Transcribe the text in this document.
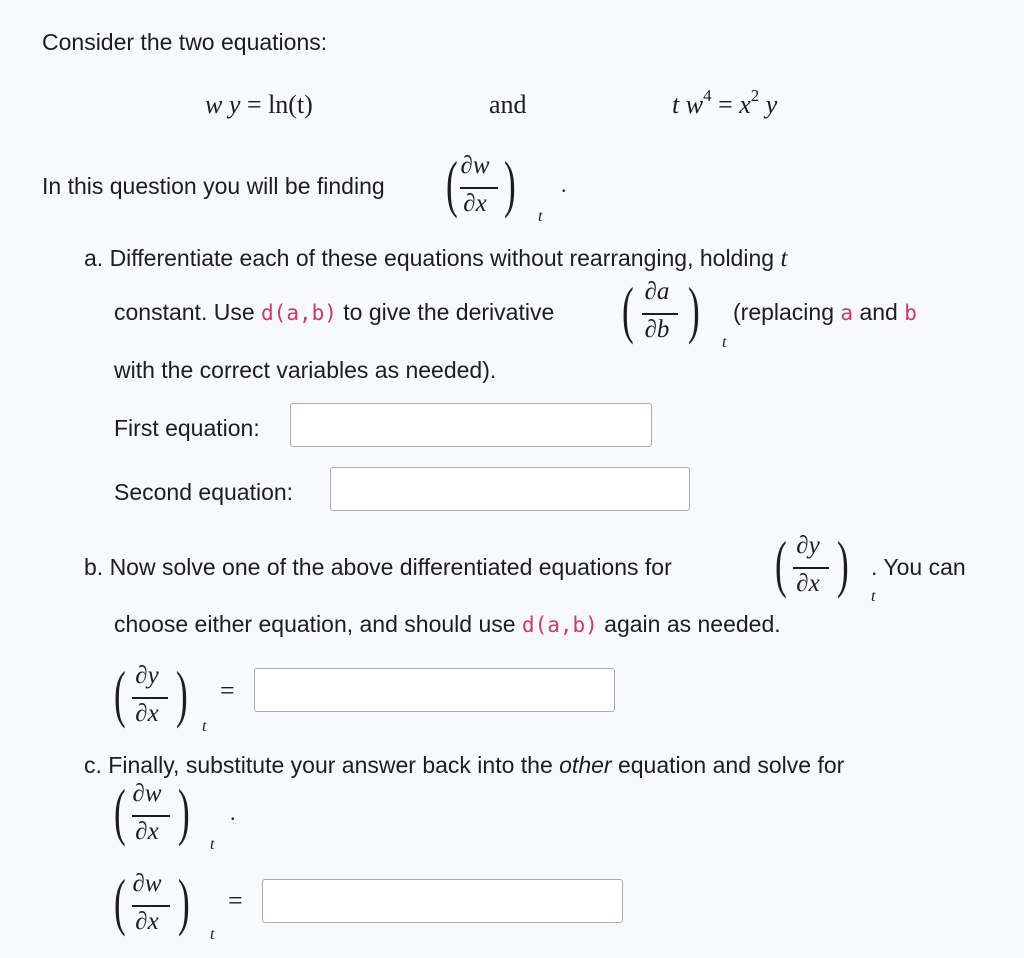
Consider the two equations:
w y = ln(t)	and	t $w^4 = x^2$ y
In this question you will be finding ( ∂w
∂x ) t
.
a. Differentiate each of these equations without rearranging, holding t
constant. Use d(a,b) to give the derivative ( ∂a
∂b ) t
(replacing a and b
with the correct variables as needed).
First equation:
Second equation:
b. Now solve one of the above differentiated equations for ( ∂y
∂x ) t
. You can
choose either equation, and should use d(a,b) again as needed.
( ∂y
∂x ) t
=
c. Finally, substitute your answer back into the other equation and solve for
( ∂w
∂x ) t
.
( ∂w
∂x ) t
=
